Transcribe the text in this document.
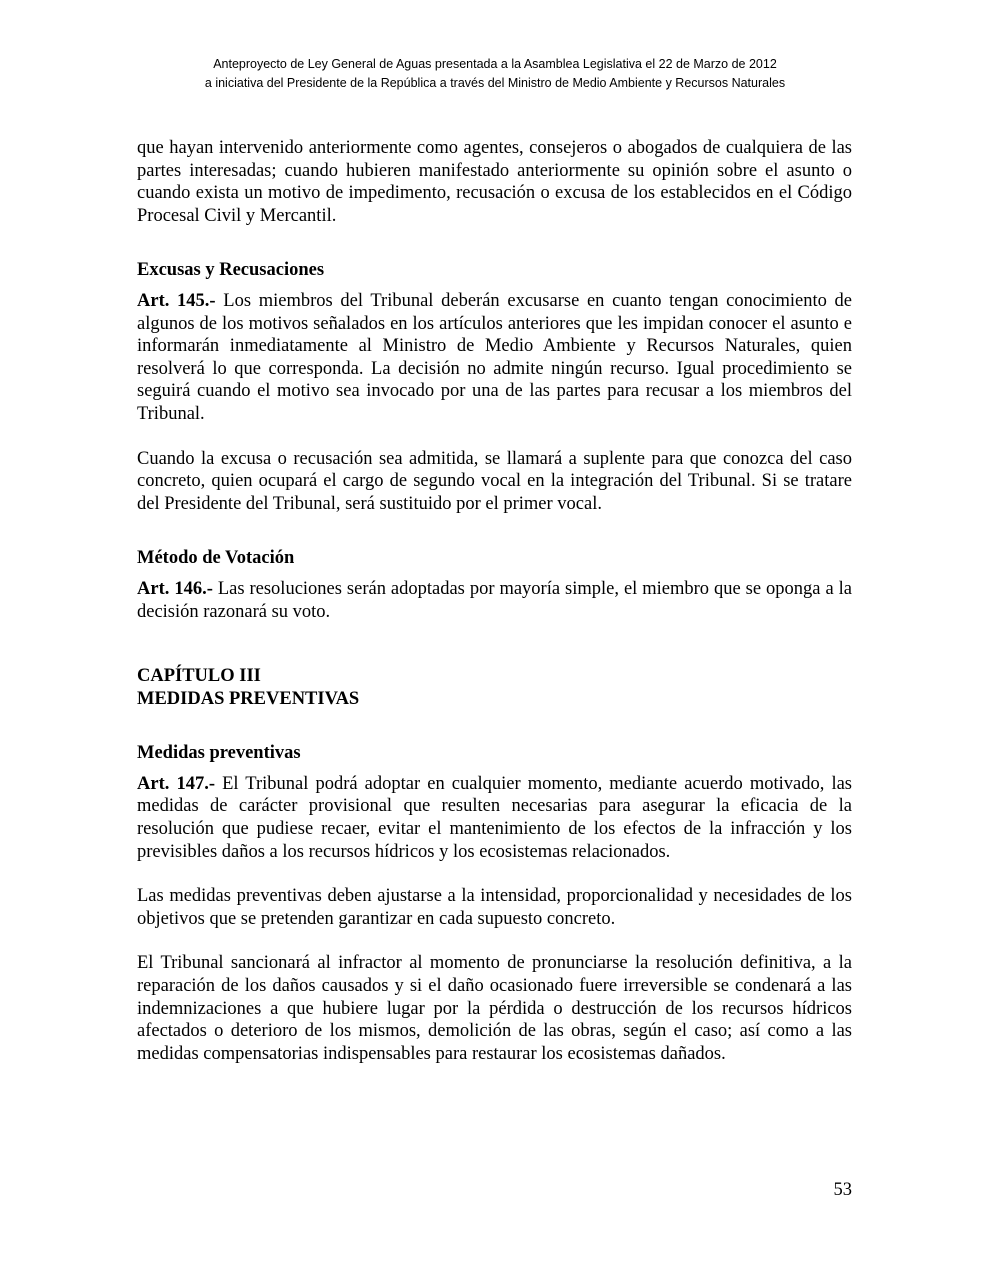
Anteproyecto de Ley General de Aguas presentada a la Asamblea Legislativa el 22 de Marzo de 2012
a iniciativa del Presidente de la República a través del Ministro de Medio Ambiente y Recursos Naturales

que hayan intervenido anteriormente como agentes, consejeros o abogados de cualquiera de las partes interesadas; cuando hubieren manifestado anteriormente su opinión sobre el asunto o cuando exista un motivo de impedimento, recusación o excusa de los establecidos en el Código Procesal Civil y Mercantil.

Excusas y Recusaciones

Art. 145.- Los miembros del Tribunal deberán excusarse en cuanto tengan conocimiento de algunos de los motivos señalados en los artículos anteriores que les impidan conocer el asunto e informarán inmediatamente al Ministro de Medio Ambiente y Recursos Naturales, quien resolverá lo que corresponda. La decisión no admite ningún recurso. Igual procedimiento se seguirá cuando el motivo sea invocado por una de las partes para recusar a los miembros del Tribunal.

Cuando la excusa o recusación sea admitida, se llamará a suplente para que conozca del caso concreto, quien ocupará el cargo de segundo vocal en la integración del Tribunal. Si se tratare del Presidente del Tribunal, será sustituido por el primer vocal.

Método de Votación

Art. 146.- Las resoluciones serán adoptadas por mayoría simple, el miembro que se oponga a la decisión razonará su voto.

CAPÍTULO III

MEDIDAS PREVENTIVAS

Medidas preventivas

Art. 147.- El Tribunal podrá adoptar en cualquier momento, mediante acuerdo motivado, las medidas de carácter provisional que resulten necesarias para asegurar la eficacia de la resolución que pudiese recaer, evitar el mantenimiento de los efectos de la infracción y los previsibles daños a los recursos hídricos y los ecosistemas relacionados.

Las medidas preventivas deben ajustarse a la intensidad, proporcionalidad y necesidades de los objetivos que se pretenden garantizar en cada supuesto concreto.

El Tribunal sancionará al infractor al momento de pronunciarse la resolución definitiva, a la reparación de los daños causados y si el daño ocasionado fuere irreversible se condenará a las indemnizaciones a que hubiere lugar por la pérdida o destrucción de los recursos hídricos afectados o deterioro de los mismos, demolición de las obras, según el caso; así como a las medidas compensatorias indispensables para restaurar los ecosistemas dañados.

53
